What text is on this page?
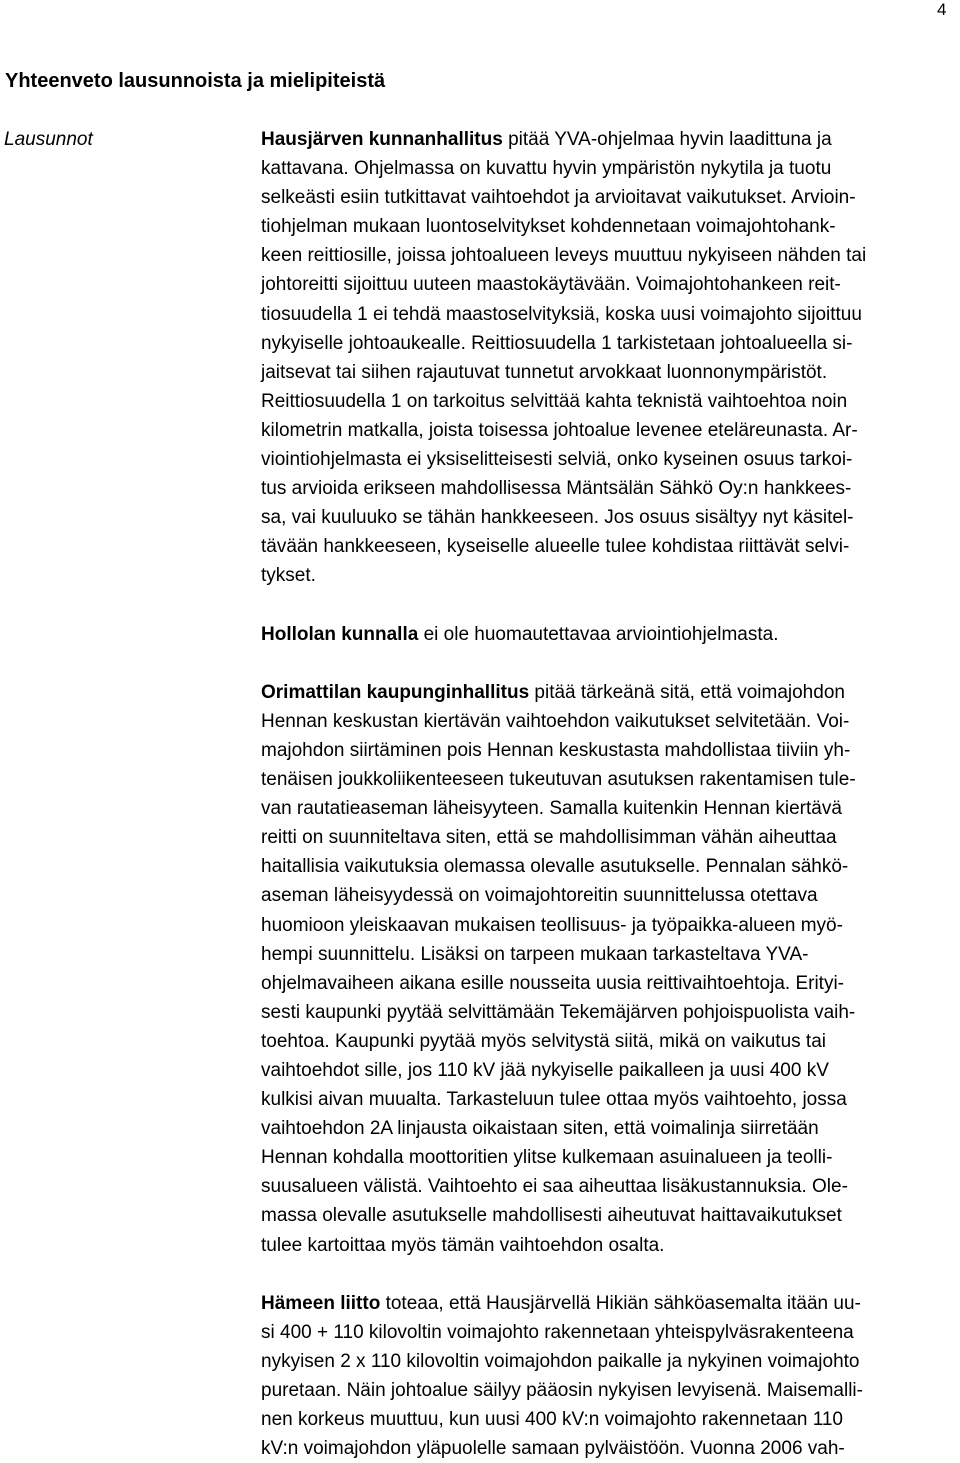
4
Yhteenveto lausunnoista ja mielipiteistä
Lausunnot	Hausjärven kunnanhallitus pitää YVA-ohjelmaa hyvin laadittuna ja
kattavana. Ohjelmassa on kuvattu hyvin ympäristön nykytila ja tuotu
selkeästi esiin tutkittavat vaihtoehdot ja arvioitavat vaikutukset. Arvioin-
tiohjelman mukaan luontoselvitykset kohdennetaan voimajohtohank-
keen reittiosille, joissa johtoalueen leveys muuttuu nykyiseen nähden tai
johtoreitti sijoittuu uuteen maastokäytävään. Voimajohtohankeen reit-
tiosuudella 1 ei tehdä maastoselvityksiä, koska uusi voimajohto sijoittuu
nykyiselle johtoaukealle. Reittiosuudella 1 tarkistetaan johtoalueella si-
jaitsevat tai siihen rajautuvat tunnetut arvokkaat luonnonympäristöt.
Reittiosuudella 1 on tarkoitus selvittää kahta teknistä vaihtoehtoa noin
kilometrin matkalla, joista toisessa johtoalue levenee eteläreunasta. Ar-
viointiohjelmasta ei yksiselitteisesti selviä, onko kyseinen osuus tarkoi-
tus arvioida erikseen mahdollisessa Mäntsälän Sähkö Oy:n hankkees-
sa, vai kuuluuko se tähän hankkeeseen. Jos osuus sisältyy nyt käsitel-
tävään hankkeeseen, kyseiselle alueelle tulee kohdistaa riittävät selvi-
tykset.

Hollolan kunnalla ei ole huomautettavaa arviointiohjelmasta.

Orimattilan kaupunginhallitus pitää tärkeänä sitä, että voimajohdon
Hennan keskustan kiertävän vaihtoehdon vaikutukset selvitetään. Voi-
majohdon siirtäminen pois Hennan keskustasta mahdollistaa tiiviin yh-
tenäisen joukkoliikenteeseen tukeutuvan asutuksen rakentamisen tule-
van rautatieaseman läheisyyteen. Samalla kuitenkin Hennan kiertävä
reitti on suunniteltava siten, että se mahdollisimman vähän aiheuttaa
haitallisia vaikutuksia olemassa olevalle asutukselle. Pennalan sähkö-
aseman läheisyydessä on voimajohtoreitin suunnittelussa otettava
huomioon yleiskaavan mukaisen teollisuus- ja työpaikka-alueen myö-
hempi suunnittelu. Lisäksi on tarpeen mukaan tarkasteltava YVA-
ohjelmavaiheen aikana esille nousseita uusia reittivaihtoehtoja. Erityi-
sesti kaupunki pyytää selvittämään Tekemäjärven pohjoispuolista vaih-
toehtoa. Kaupunki pyytää myös selvitystä siitä, mikä on vaikutus tai
vaihtoehdot sille, jos 110 kV jää nykyiselle paikalleen ja uusi 400 kV
kulkisi aivan muualta. Tarkasteluun tulee ottaa myös vaihtoehto, jossa
vaihtoehdon 2A linjausta oikaistaan siten, että voimalinja siirretään
Hennan kohdalla moottoritien ylitse kulkemaan asuinalueen ja teolli-
suusalueen välistä. Vaihtoehto ei saa aiheuttaa lisäkustannuksia. Ole-
massa olevalle asutukselle mahdollisesti aiheutuvat haittavaikutukset
tulee kartoittaa myös tämän vaihtoehdon osalta.

Hämeen liitto toteaa, että Hausjärvellä Hikiän sähköasemalta itään uu-
si 400 + 110 kilovoltin voimajohto rakennetaan yhteispylväsrakenteena
nykyisen 2 x 110 kilovoltin voimajohdon paikalle ja nykyinen voimajohto
puretaan. Näin johtoalue säilyy pääosin nykyisen levyisenä. Maisemalli-
nen korkeus muuttuu, kun uusi 400 kV:n voimajohto rakennetaan 110
kV:n voimajohdon yläpuolelle samaan pylväistöön. Vuonna 2006 vah-
